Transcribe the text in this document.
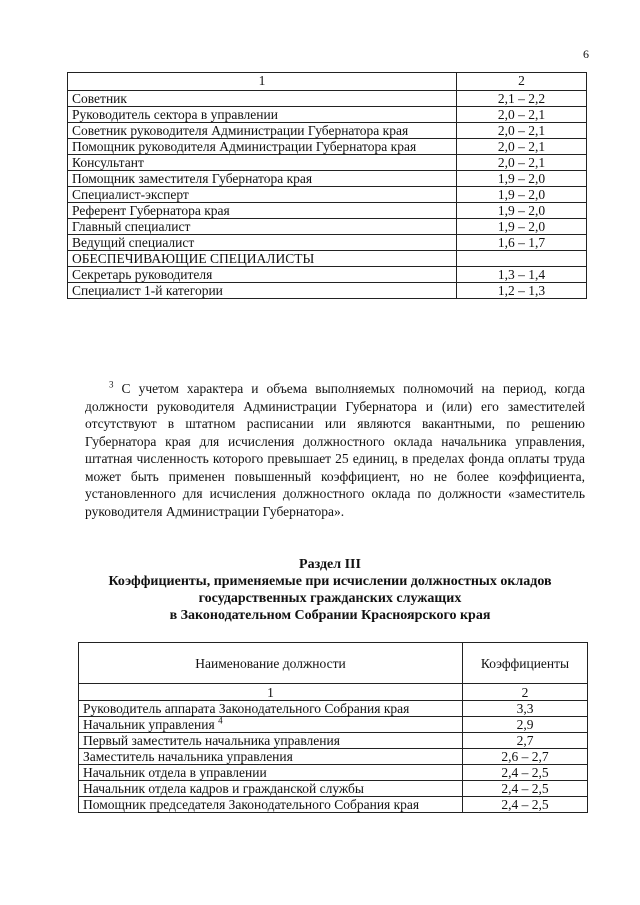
6
1	2
Советник	2,1 – 2,2
Руководитель сектора в управлении	2,0 – 2,1
Советник руководителя Администрации Губернатора края	2,0 – 2,1
Помощник руководителя Администрации Губернатора края	2,0 – 2,1
Консультант	2,0 – 2,1
Помощник заместителя Губернатора края	1,9 – 2,0
Специалист-эксперт	1,9 – 2,0
Референт Губернатора края	1,9 – 2,0
Главный специалист	1,9 – 2,0
Ведущий специалист	1,6 – 1,7
ОБЕСПЕЧИВАЮЩИЕ СПЕЦИАЛИСТЫ	
Секретарь руководителя	1,3 – 1,4
Специалист 1-й категории	1,2 – 1,3
$^3$ С учетом характера и объема выполняемых полномочий на период, когда должности руководителя Администрации Губернатора и (или) его заместителей отсутствуют в штатном расписании или являются вакантными, по решению Губернатора края для исчисления должностного оклада начальника управления, штатная численность которого превышает 25 единиц, в пределах фонда оплаты труда может быть применен повышенный коэффициент, но не более коэффициента, установленного для исчисления должностного оклада по должности «заместитель руководителя Администрации Губернатора».
Раздел III
Коэффициенты, применяемые при исчислении должностных окладов
государственных гражданских служащих
в Законодательном Собрании Красноярского края
Наименование должности	Коэффициенты
1	2
Руководитель аппарата Законодательного Собрания края	3,3
Начальник управления $^4$	2,9
Первый заместитель начальника управления	2,7
Заместитель начальника управления	2,6 – 2,7
Начальник отдела в управлении	2,4 – 2,5
Начальник отдела кадров и гражданской службы	2,4 – 2,5
Помощник председателя Законодательного Собрания края	2,4 – 2,5
